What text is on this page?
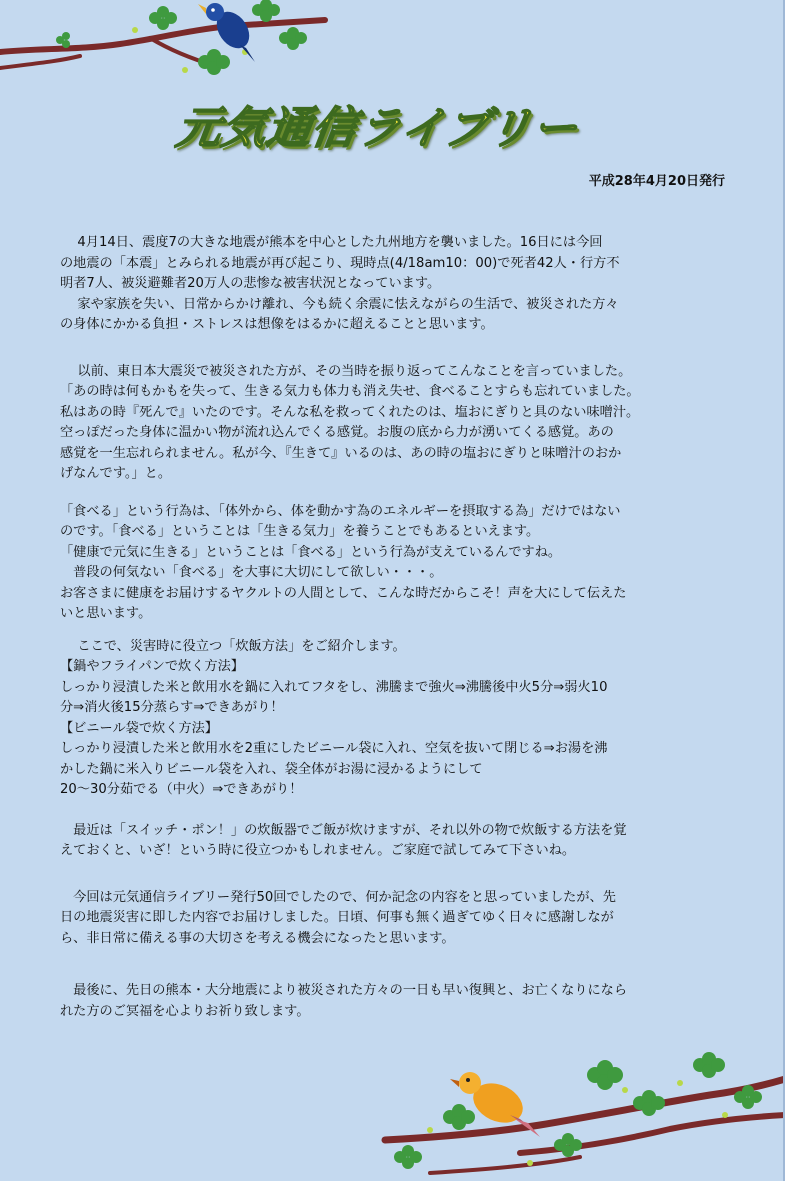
元気通信ライブリー
平成28年4月20日発行

　 4月14日、震度7の大きな地震が熊本を中心とした九州地方を襲いました。16日には今回

の地震の「本震」とみられる地震が再び起こり、現時点(4/18am10：00)で死者42人・行方不

明者7人、被災避難者20万人の悲惨な被害状況となっています。

　 家や家族を失い、日常からかけ離れ、今も続く余震に怯えながらの生活で、被災された方々

の身体にかかる負担・ストレスは想像をはるかに超えることと思います。

　 以前、東日本大震災で被災された方が、その当時を振り返ってこんなことを言っていました。

「あの時は何もかもを失って、生きる気力も体力も消え失せ、食べることすらも忘れていました。

私はあの時『死んで』いたのです。そんな私を救ってくれたのは、塩おにぎりと具のない味噌汁。

空っぽだった身体に温かい物が流れ込んでくる感覚。お腹の底から力が湧いてくる感覚。あの

感覚を一生忘れられません。私が今、『生きて』いるのは、あの時の塩おにぎりと味噌汁のおか

げなんです。」と。

「食べる」という行為は、「体外から、体を動かす為のエネルギーを摂取する為」だけではない

のです。「食べる」ということは「生きる気力」を養うことでもあるといえます。

「健康で元気に生きる」ということは「食べる」という行為が支えているんですね。

　普段の何気ない「食べる」を大事に大切にして欲しい・・・。

お客さまに健康をお届けするヤクルトの人間として、こんな時だからこそ！声を大にして伝えた

いと思います。

　 ここで、災害時に役立つ「炊飯方法」をご紹介します。

【鍋やフライパンで炊く方法】

しっかり浸漬した米と飲用水を鍋に入れてフタをし、沸騰まで強火⇒沸騰後中火5分⇒弱火10

分⇒消火後15分蒸らす⇒できあがり！

【ビニール袋で炊く方法】

しっかり浸漬した米と飲用水を2重にしたビニール袋に入れ、空気を抜いて閉じる⇒お湯を沸

かした鍋に米入りビニール袋を入れ、袋全体がお湯に浸かるようにして

20～30分茹でる（中火）⇒できあがり！

　最近は「スイッチ・ポン！」の炊飯器でご飯が炊けますが、それ以外の物で炊飯する方法を覚

えておくと、いざ！という時に役立つかもしれません。ご家庭で試してみて下さいね。

　今回は元気通信ライブリー発行50回でしたので、何か記念の内容をと思っていましたが、先

日の地震災害に即した内容でお届けしました。日頃、何事も無く過ぎてゆく日々に感謝しなが

ら、非日常に備える事の大切さを考える機会になったと思います。

　最後に、先日の熊本・大分地震により被災された方々の一日も早い復興と、お亡くなりになら

れた方のご冥福を心よりお祈り致します。
